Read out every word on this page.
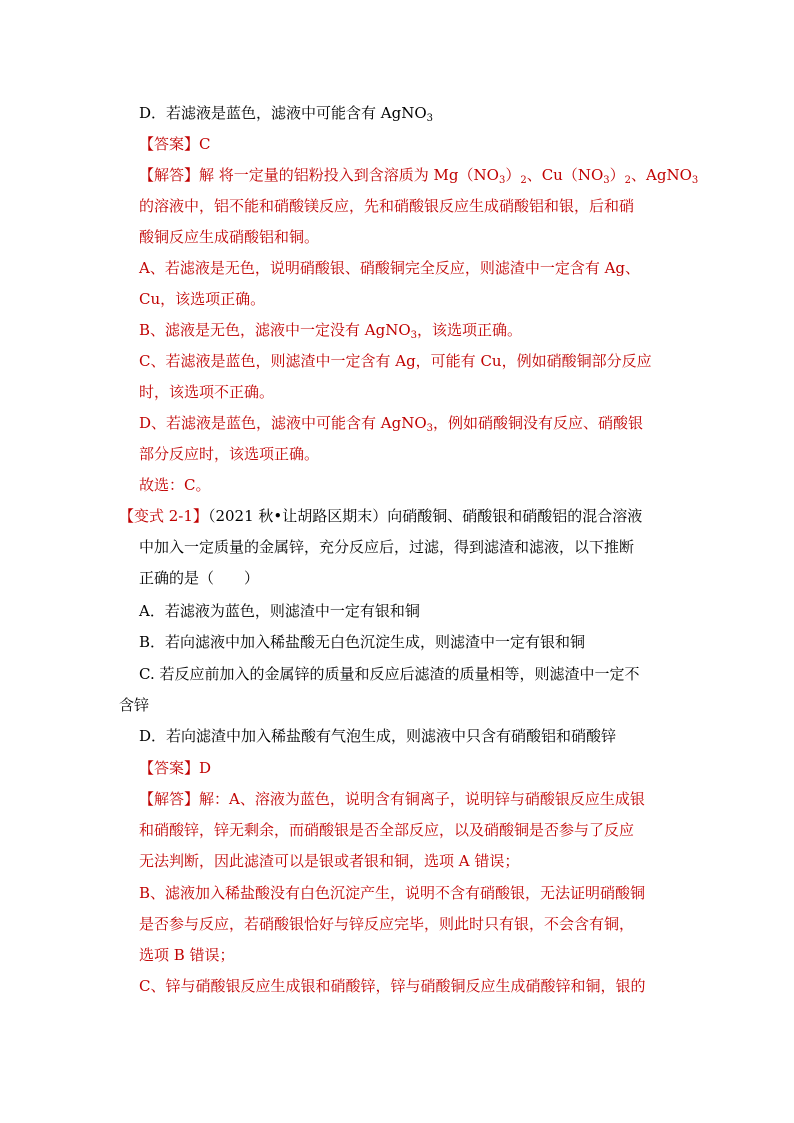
D．若滤液是蓝色，滤液中可能含有 AgNO$_3$
【答案】C
【解答】解 将一定量的铝粉投入到含溶质为 $Mg(NO_3)_2$、$Cu(NO_3)_2$、AgNO$_3$
的溶液中，铝不能和硝酸镁反应，先和硝酸银反应生成硝酸铝和银，后和硝
酸铜反应生成硝酸铝和铜。
A、若滤液是无色，说明硝酸银、硝酸铜完全反应，则滤渣中一定含有 Ag、
Cu，该选项正确。
B、滤液是无色，滤液中一定没有 AgNO$_3$，该选项正确。
C、若滤液是蓝色，则滤渣中一定含有 Ag，可能有 Cu，例如硝酸铜部分反应
时，该选项不正确。
D、若滤液是蓝色，滤液中可能含有 AgNO$_3$，例如硝酸铜没有反应、硝酸银
部分反应时，该选项正确。
故选：C。
【变式 2-1】（2021 秋•让胡路区期末）向硝酸铜、硝酸银和硝酸铝的混合溶液
中加入一定质量的金属锌，充分反应后，过滤，得到滤渣和滤液，以下推断
正确的是（　　）
A．若滤液为蓝色，则滤渣中一定有银和铜
B．若向滤液中加入稀盐酸无白色沉淀生成，则滤渣中一定有银和铜
C. 若反应前加入的金属锌的质量和反应后滤渣的质量相等，则滤渣中一定不
含锌
D．若向滤渣中加入稀盐酸有气泡生成，则滤液中只含有硝酸铝和硝酸锌
【答案】D
【解答】解：A、溶液为蓝色，说明含有铜离子，说明锌与硝酸银反应生成银
和硝酸锌，锌无剩余，而硝酸银是否全部反应，以及硝酸铜是否参与了反应
无法判断，因此滤渣可以是银或者银和铜，选项 A 错误；
B、滤液加入稀盐酸没有白色沉淀产生，说明不含有硝酸银，无法证明硝酸铜
是否参与反应，若硝酸银恰好与锌反应完毕，则此时只有银，不会含有铜，
选项 B 错误；
C、锌与硝酸银反应生成银和硝酸锌，锌与硝酸铜反应生成硝酸锌和铜，银的
